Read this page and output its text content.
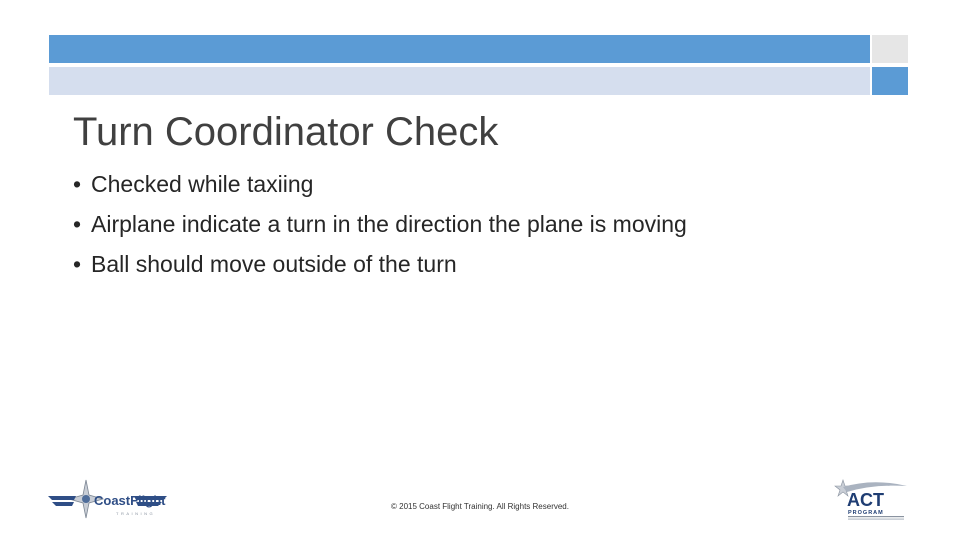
Turn Coordinator Check
• Checked while taxiing
• Airplane indicate a turn in the direction the plane is moving
• Ball should move outside of the turn
© 2015 Coast Flight Training. All Rights Reserved.
CoastFlight
TRAINING
ACT
PROGRAM
